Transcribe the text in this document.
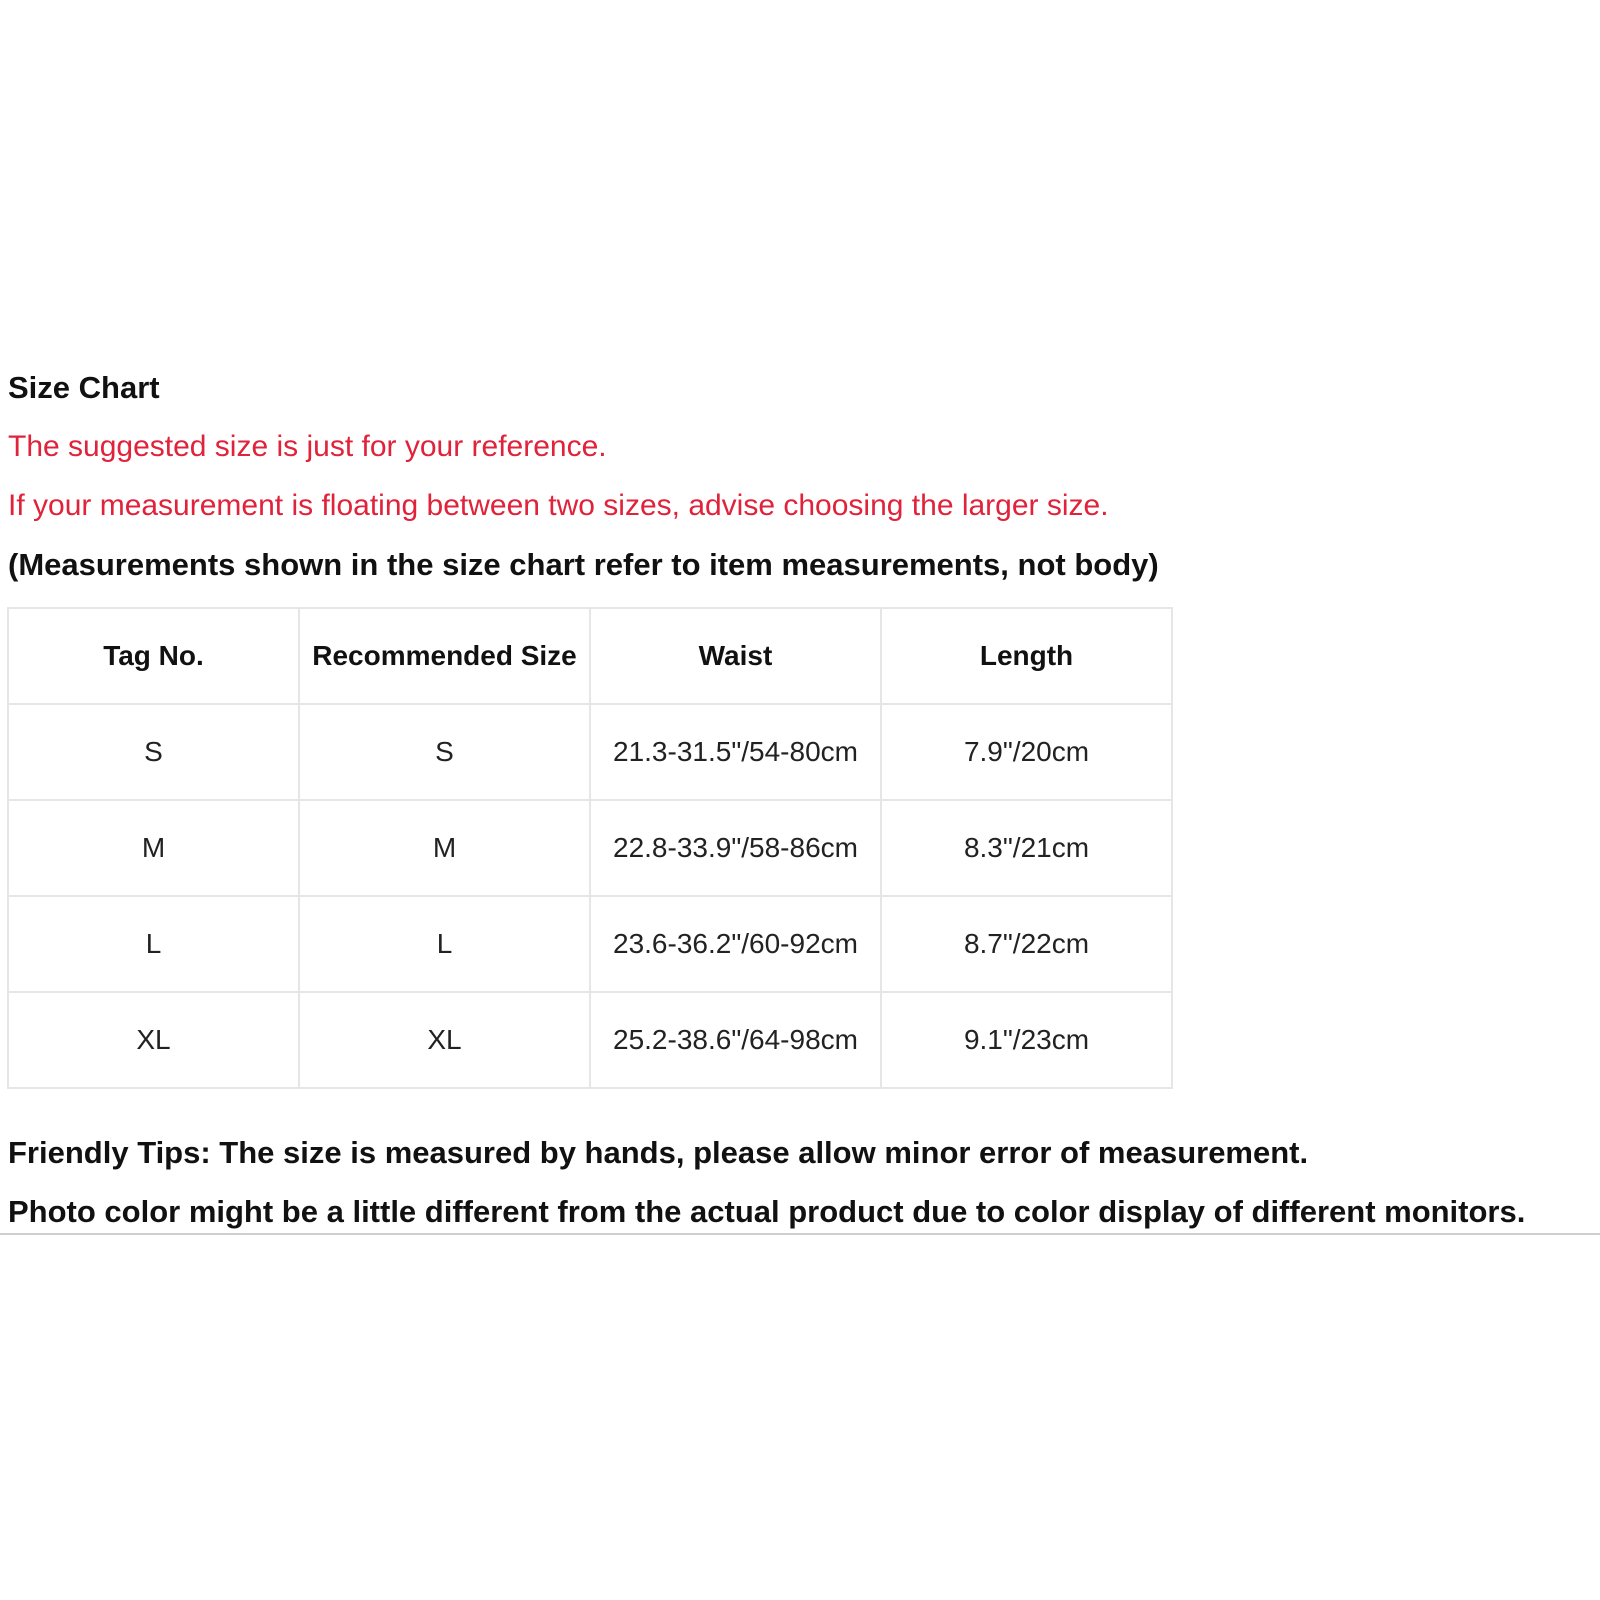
Size Chart
The suggested size is just for your reference.
If your measurement is floating between two sizes, advise choosing the larger size.
(Measurements shown in the size chart refer to item measurements, not body)
Tag No.	Recommended Size	Waist	Length
S	S	21.3-31.5"/54-80cm	7.9"/20cm
M	M	22.8-33.9"/58-86cm	8.3"/21cm
L	L	23.6-36.2"/60-92cm	8.7"/22cm
XL	XL	25.2-38.6"/64-98cm	9.1"/23cm
Friendly Tips: The size is measured by hands, please allow minor error of measurement.
Photo color might be a little different from the actual product due to color display of different monitors.
